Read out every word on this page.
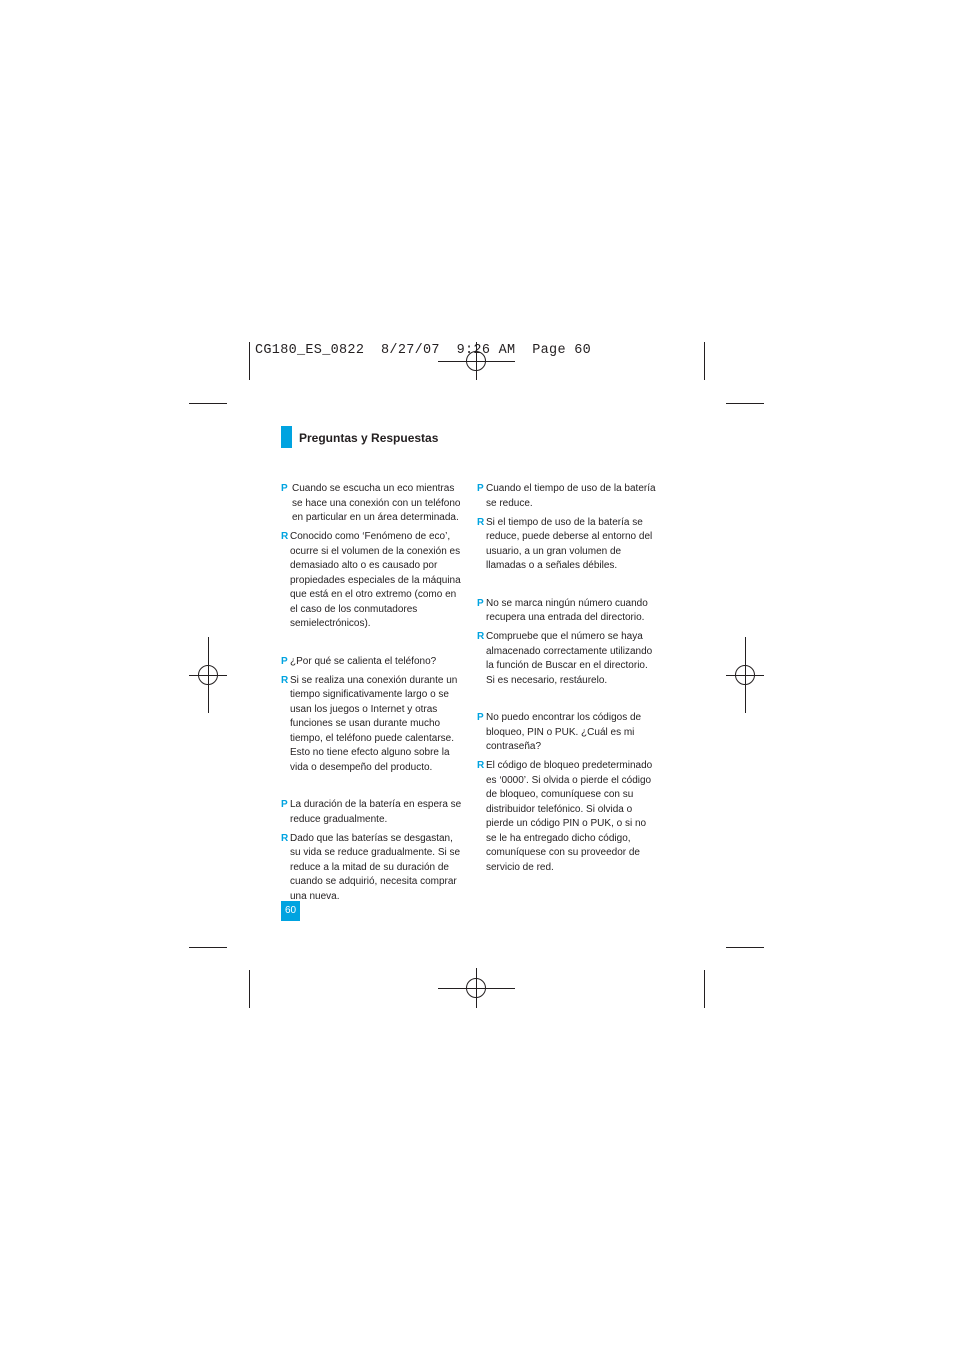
CG180_ES_0822  8/27/07  9:26 AM  Page 60
Preguntas y Respuestas
P Cuando se escucha un eco mientras se hace una conexión con un teléfono en particular en un área determinada.

R Conocido como ‘Fenómeno de eco’, ocurre si el volumen de la conexión es demasiado alto o es causado por propiedades especiales de la máquina que está en el otro extremo (como en el caso de los conmutadores semielectrónicos).

P ¿Por qué se calienta el teléfono?

R Si se realiza una conexión durante un tiempo significativamente largo o se usan los juegos o Internet y otras funciones se usan durante mucho tiempo, el teléfono puede calentarse. Esto no tiene efecto alguno sobre la vida o desempeño del producto.

P La duración de la batería en espera se reduce gradualmente.

R Dado que las baterías se desgastan, su vida se reduce gradualmente. Si se reduce a la mitad de su duración de cuando se adquirió, necesita comprar una nueva.

P Cuando el tiempo de uso de la batería se reduce.

R Si el tiempo de uso de la batería se reduce, puede deberse al entorno del usuario, a un gran volumen de llamadas o a señales débiles.

P No se marca ningún número cuando recupera una entrada del directorio.

R Compruebe que el número se haya almacenado correctamente utilizando la función de Buscar en el directorio. Si es necesario, restáurelo.

P No puedo encontrar los códigos de bloqueo, PIN o PUK. ¿Cuál es mi contraseña?

R El código de bloqueo predeterminado es ‘0000’. Si olvida o pierde el código de bloqueo, comuníquese con su distribuidor telefónico. Si olvida o pierde un código PIN o PUK, o si no se le ha entregado dicho código, comuníquese con su proveedor de servicio de red.

60
